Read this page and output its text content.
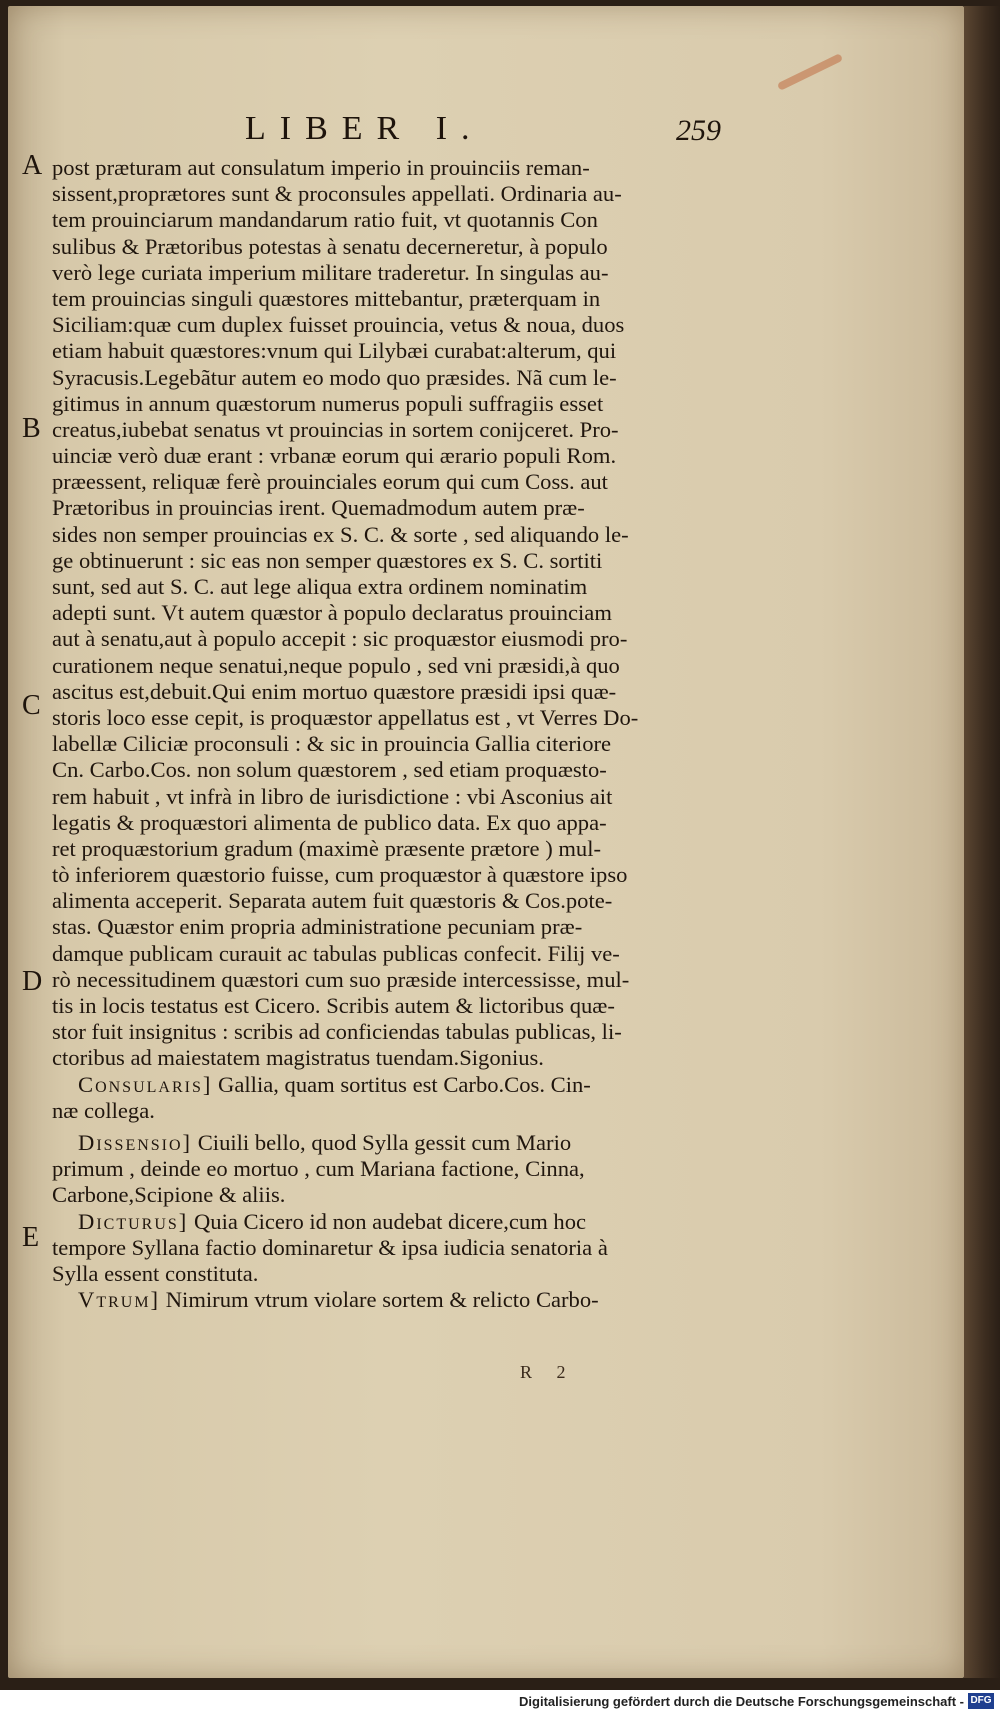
LIBER I.	259
A
B
C
D
E
post præturam aut consulatum imperio in prouinciis reman-
sissent,proprætores sunt & proconsules appellati. Ordinaria au-
tem prouinciarum mandandarum ratio fuit, vt quotannis Con
sulibus & Prætoribus potestas à senatu decerneretur, à populo
verò lege curiata imperium militare traderetur. In singulas au-
tem prouincias singuli quæstores mittebantur, præterquam in
Siciliam:quæ cum duplex fuisset prouincia, vetus & noua, duos
etiam habuit quæstores:vnum qui Lilybæi curabat:alterum, qui
Syracusis.Legebãtur autem eo modo quo præsides. Nã cum le-
gitimus in annum quæstorum numerus populi suffragiis esset
creatus,iubebat senatus vt prouincias in sortem conijceret. Pro-
uinciæ verò duæ erant : vrbanæ eorum qui ærario populi Rom.
præessent, reliquæ ferè prouinciales eorum qui cum Coss. aut
Prætoribus in prouincias irent. Quemadmodum autem præ-
sides non semper prouincias ex S. C. & sorte , sed aliquando le-
ge obtinuerunt : sic eas non semper quæstores ex S. C. sortiti
sunt, sed aut S. C. aut lege aliqua extra ordinem nominatim
adepti sunt. Vt autem quæstor à populo declaratus prouinciam
aut à senatu,aut à populo accepit : sic proquæstor eiusmodi pro-
curationem neque senatui,neque populo , sed vni præsidi,à quo
ascitus est,debuit.Qui enim mortuo quæstore præsidi ipsi quæ-
storis loco esse cepit, is proquæstor appellatus est , vt Verres Do-
labellæ Ciliciæ proconsuli : & sic in prouincia Gallia citeriore
Cn. Carbo.Cos. non solum quæstorem , sed etiam proquæsto-
rem habuit , vt infrà in libro de iurisdictione : vbi Asconius ait
legatis & proquæstori alimenta de publico data. Ex quo appa-
ret proquæstorium gradum (maximè præsente prætore ) mul-
tò inferiorem quæstorio fuisse, cum proquæstor à quæstore ipso
alimenta acceperit. Separata autem fuit quæstoris & Cos.pote-
stas. Quæstor enim propria administratione pecuniam præ-
damque publicam curauit ac tabulas publicas confecit. Filij ve-
rò necessitudinem quæstori cum suo præside intercessisse, mul-
tis in locis testatus est Cicero. Scribis autem & lictoribus quæ-
stor fuit insignitus : scribis ad conficiendas tabulas publicas, li-
ctoribus ad maiestatem magistratus tuendam.Sigonius.
Consularis] Gallia, quam sortitus est Carbo.Cos. Cin-
næ collega.
Dissensio] Ciuili bello, quod Sylla gessit cum Mario
primum , deinde eo mortuo , cum Mariana factione, Cinna,
Carbone,Scipione & aliis.
Dicturus] Quia Cicero id non audebat dicere,cum hoc
tempore Syllana factio dominaretur & ipsa iudicia senatoria à
Sylla essent constituta.
Vtrum] Nimirum vtrum violare sortem & relicto Carbo-
R 2
Digitalisierung gefördert durch die Deutsche Forschungsgemeinschaft - DFG
